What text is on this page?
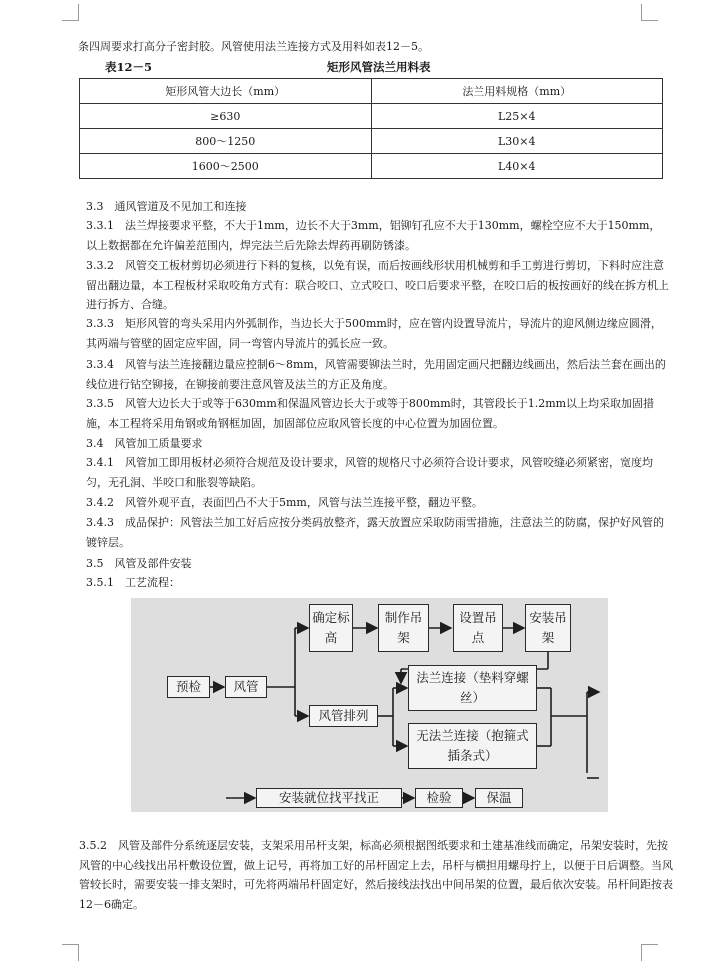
条四周要求打高分子密封胶。风管使用法兰连接方式及用料如表12－5。
表12－5	矩形风管法兰用料表
矩形风管大边长（mm）	法兰用料规格（mm）
≥630	L25×4
800～1250	L30×4
1600～2500	L40×4
3.3　通风管道及不见加工和连接
3.3.1　法兰焊接要求平整，不大于1mm，边长不大于3mm，铝铆钉孔应不大于130mm，螺栓空应不大于150mm，以上数据都在允许偏差范围内，焊完法兰后先除去焊药再刷防锈漆。
3.3.2　风管交工板材剪切必须进行下料的复核，以免有误，而后按画线形状用机械剪和手工剪进行剪切，下料时应注意留出翻边量，本工程板材采取咬角方式有：联合咬口、立式咬口、咬口后要求平整，在咬口后的板按画好的线在拆方机上进行拆方、合缝。
3.3.3　矩形风管的弯头采用内外弧制作，当边长大于500mm时，应在管内设置导流片，导流片的迎风侧边缘应圆滑，其两端与管壁的固定应牢固，同一弯管内导流片的弧长应一致。
3.3.4　风管与法兰连接翻边量应控制6～8mm，风管需要铆法兰时，先用固定画尺把翻边线画出，然后法兰套在画出的线位进行钻空铆接，在铆接前要注意风管及法兰的方正及角度。
3.3.5　风管大边长大于或等于630mm和保温风管边长大于或等于800mm时，其管段长于1.2mm以上均采取加固措施，本工程将采用角钢或角钢框加固，加固部位应取风管长度的中心位置为加固位置。
3.4　风管加工质量要求
3.4.1　风管加工即用板材必须符合规范及设计要求，风管的规格尺寸必须符合设计要求，风管咬缝必须紧密，宽度均匀，无孔洞、半咬口和胀裂等缺陷。
3.4.2　风管外观平直，表面凹凸不大于5mm，风管与法兰连接平整，翻边平整。
3.4.3　成品保护：风管法兰加工好后应按分类码放整齐，露天放置应采取防雨雪措施，注意法兰的防腐，保护好风管的镀锌层。
3.5　风管及部件安装
3.5.1　工艺流程：
预检	风管
确定标高
制作吊架
设置吊点
安装吊架
风管排列
法兰连接（垫料穿螺丝）
无法兰连接（抱箍式插条式）
安装就位找平找正	检验	保温
3.5.2　风管及部件分系统逐层安装，支架采用吊杆支架，标高必须根据图纸要求和土建基准线而确定，吊架安装时，先按风管的中心线找出吊杆敷设位置，做上记号，再将加工好的吊杆固定上去，吊杆与横担用螺母拧上，以便于日后调整。当风管较长时，需要安装一排支架时，可先将两端吊杆固定好，然后接线法找出中间吊架的位置，最后依次安装。吊杆间距按表12－6确定。
